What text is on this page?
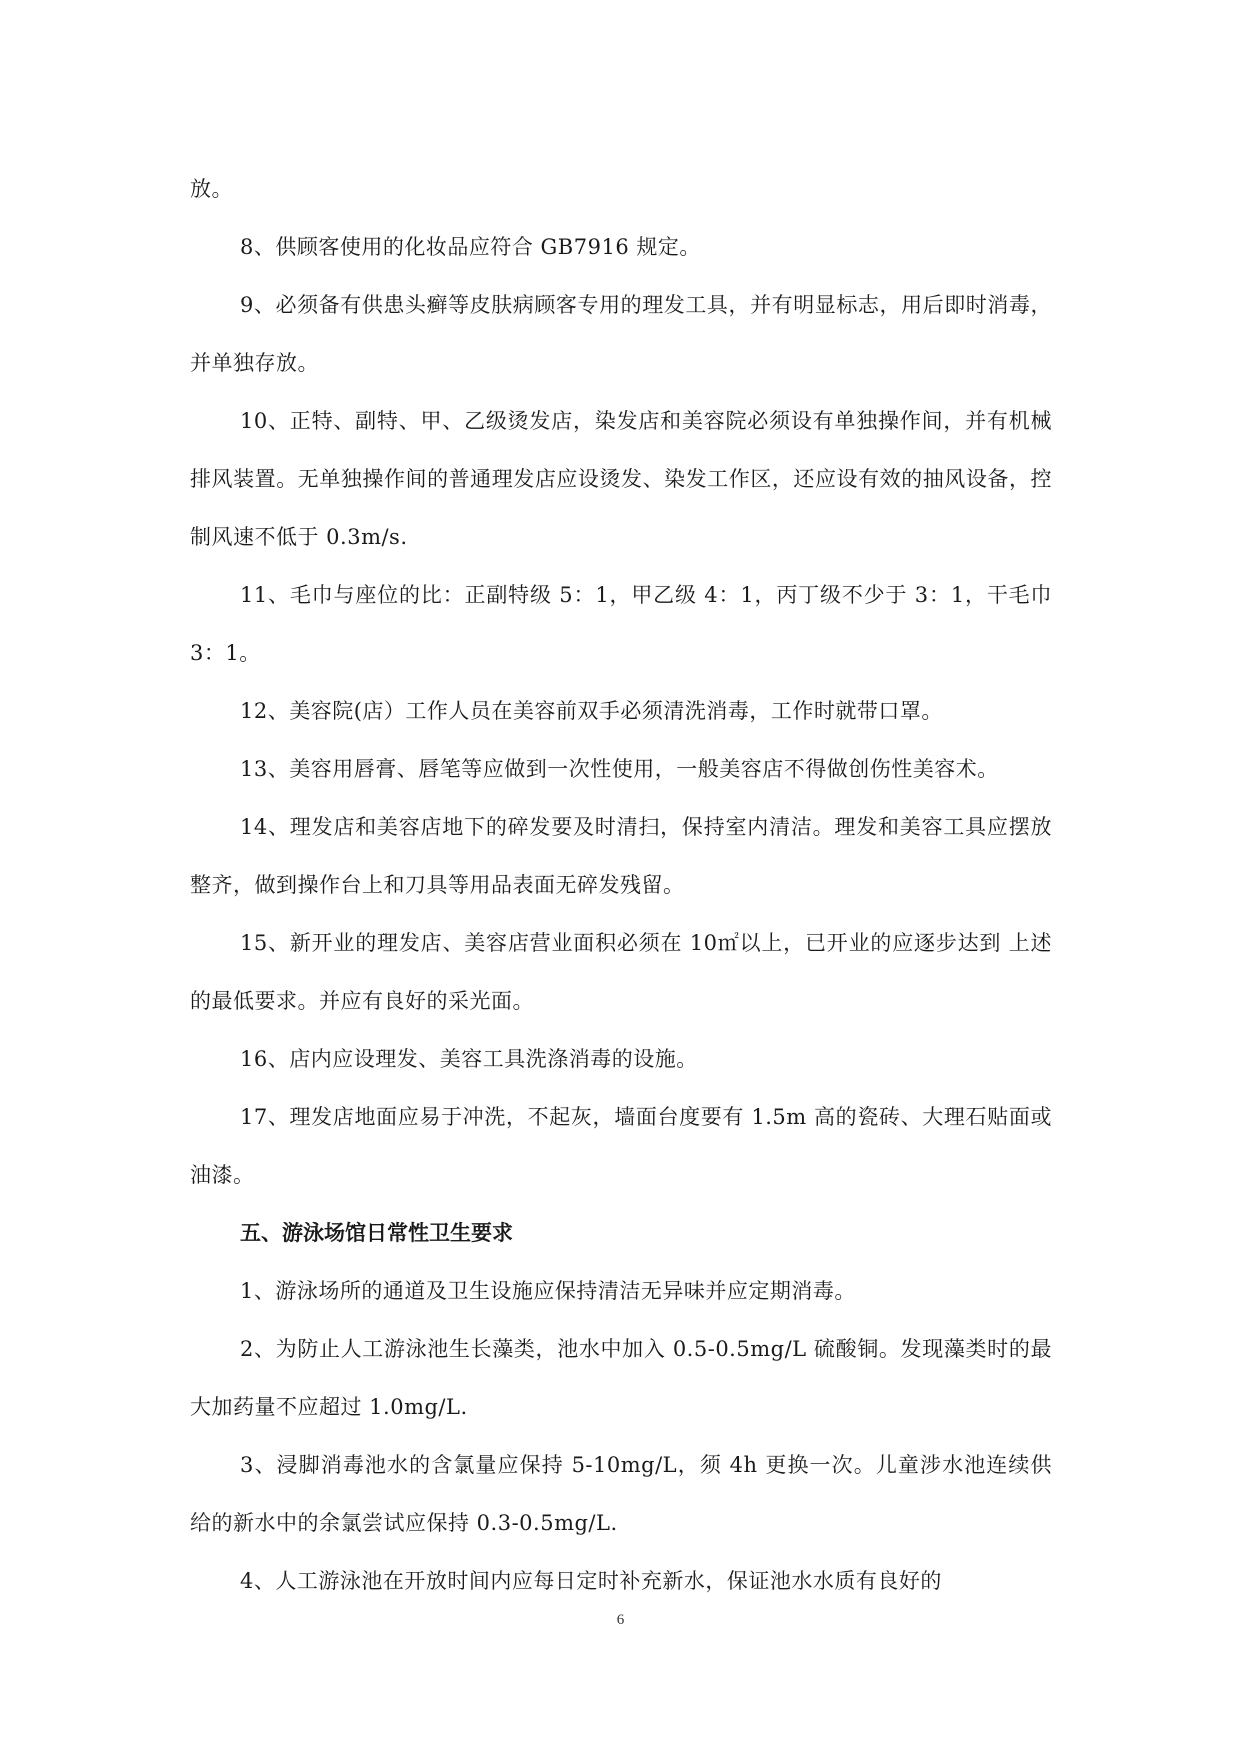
放。

8、供顾客使用的化妆品应符合 GB7916 规定。

9、必须备有供患头癣等皮肤病顾客专用的理发工具，并有明显标志，用后即时消毒，并单独存放。

10、正特、副特、甲、乙级烫发店，染发店和美容院必须设有单独操作间，并有机械排风装置。无单独操作间的普通理发店应设烫发、染发工作区，还应设有效的抽风设备，控制风速不低于 0.3m/s.

11、毛巾与座位的比：正副特级 5：1，甲乙级 4：1，丙丁级不少于 3：1，干毛巾 3：1。

12、美容院(店）工作人员在美容前双手必须清洗消毒，工作时就带口罩。

13、美容用唇膏、唇笔等应做到一次性使用，一般美容店不得做创伤性美容术。

14、理发店和美容店地下的碎发要及时清扫，保持室内清洁。理发和美容工具应摆放整齐，做到操作台上和刀具等用品表面无碎发残留。

15、新开业的理发店、美容店营业面积必须在 10㎡以上，已开业的应逐步达到 上述的最低要求。并应有良好的采光面。

16、店内应设理发、美容工具洗涤消毒的设施。

17、理发店地面应易于冲洗，不起灰，墙面台度要有 1.5m 高的瓷砖、大理石贴面或油漆。

五、游泳场馆日常性卫生要求

1、游泳场所的通道及卫生设施应保持清洁无异味并应定期消毒。

2、为防止人工游泳池生长藻类，池水中加入 0.5-0.5mg/L 硫酸铜。发现藻类时的最大加药量不应超过 1.0mg/L.

3、浸脚消毒池水的含氯量应保持 5-10mg/L，须 4h 更换一次。儿童涉水池连续供给的新水中的余氯尝试应保持 0.3-0.5mg/L.

4、人工游泳池在开放时间内应每日定时补充新水，保证池水水质有良好的

6
